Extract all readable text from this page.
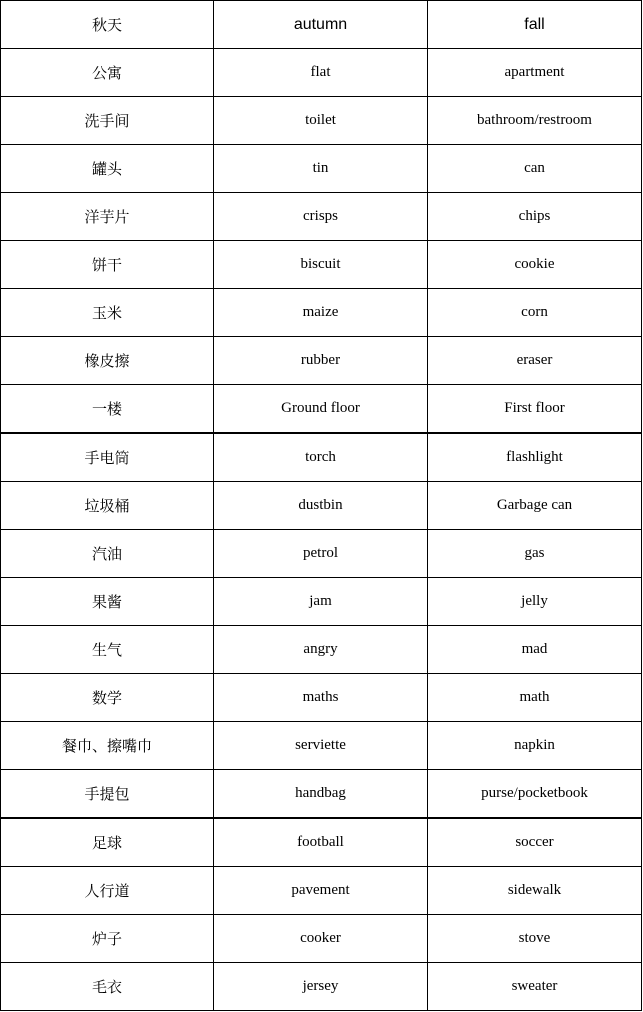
秋天	autumn	fall
公寓	flat	apartment
洗手间	toilet	bathroom/restroom
罐头	tin	can
洋芋片	crisps	chips
饼干	biscuit	cookie
玉米	maize	corn
橡皮擦	rubber	eraser
一楼	Ground floor	First floor
手电筒	torch	flashlight
垃圾桶	dustbin	Garbage can
汽油	petrol	gas
果酱	jam	jelly
生气	angry	mad
数学	maths	math
餐巾、擦嘴巾	serviette	napkin
手提包	handbag	purse/pocketbook
足球	football	soccer
人行道	pavement	sidewalk
炉子	cooker	stove
毛衣	jersey	sweater
